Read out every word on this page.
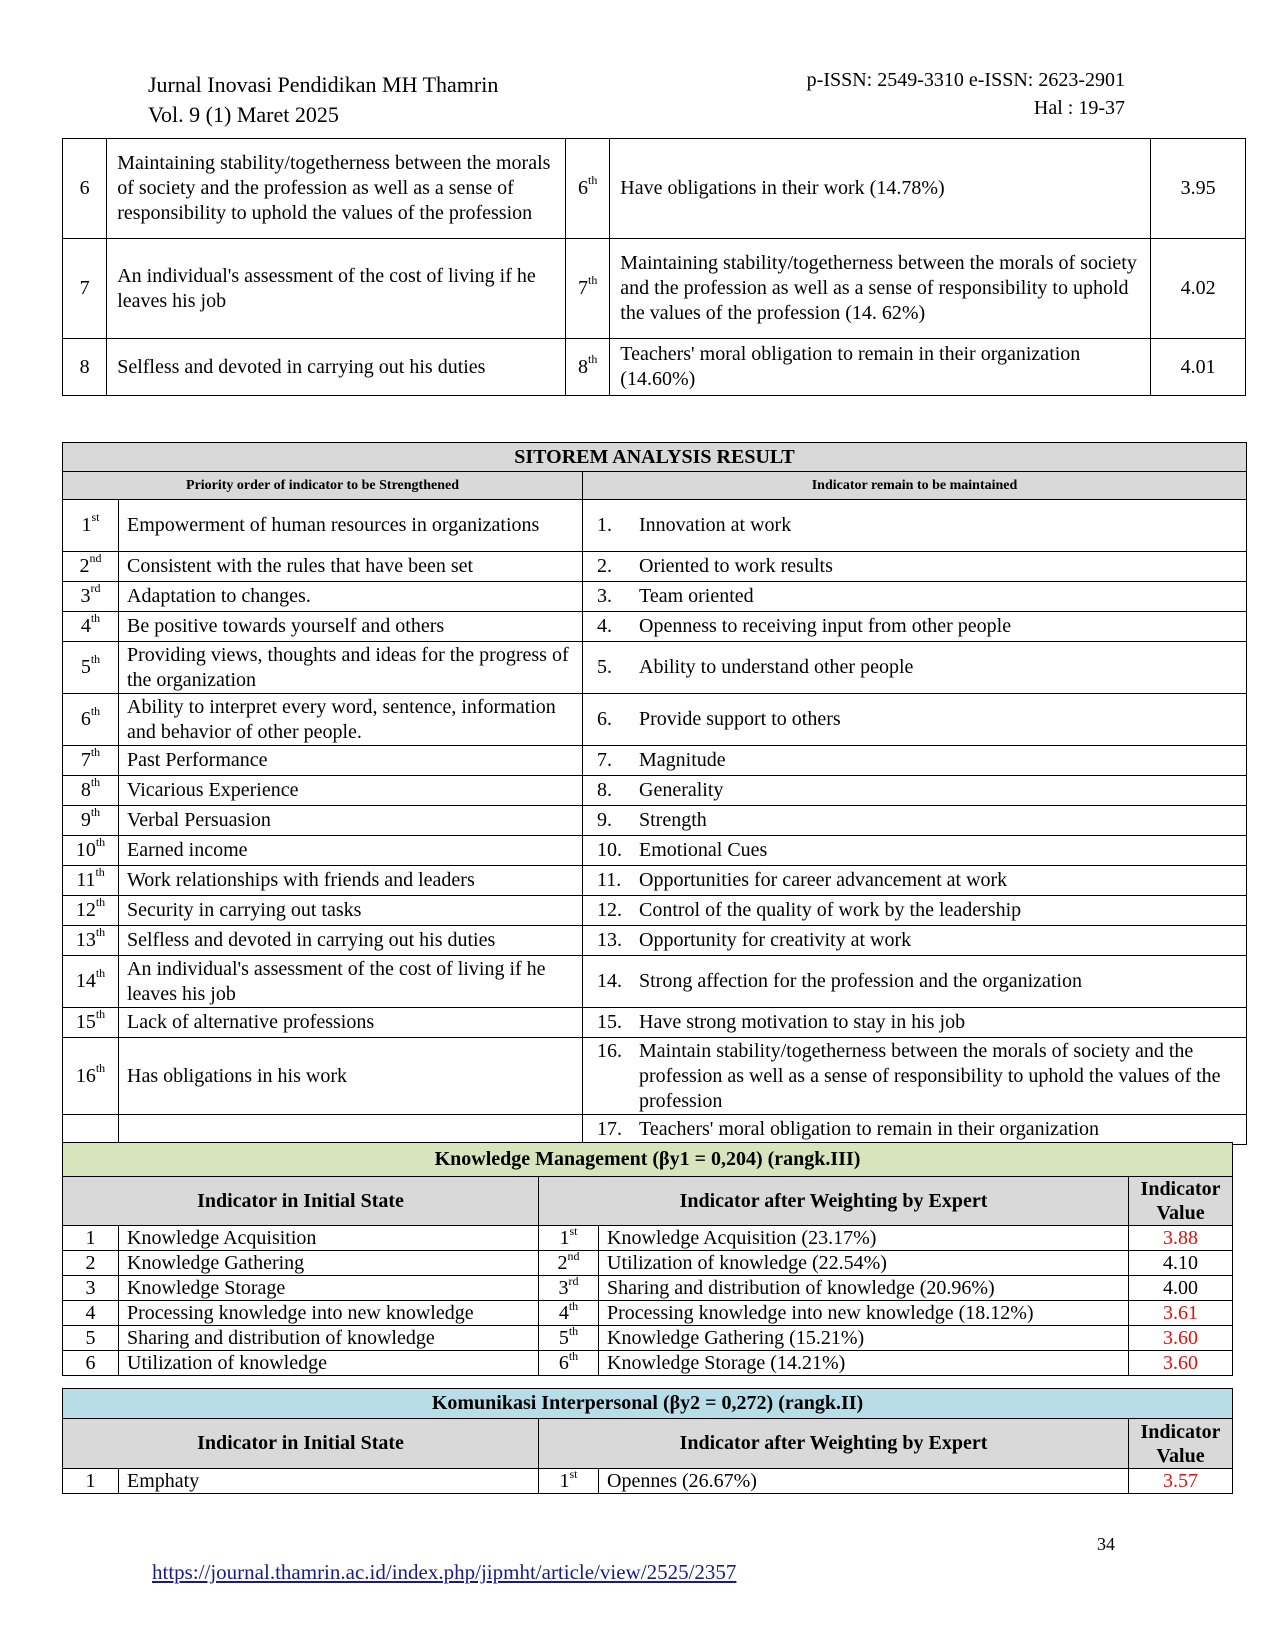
Jurnal Inovasi Pendidikan MH Thamrin
Vol. 9 (1) Maret 2025
p-ISSN: 2549-3310 e-ISSN: 2623-2901
Hal : 19-37
6	Maintaining stability/togetherness between the morals of society and the profession as well as a sense of responsibility to uphold the values of the profession	6th	Have obligations in their work (14.78%)	3.95
7	An individual's assessment of the cost of living if he leaves his job	7th	Maintaining stability/togetherness between the morals of society and the profession as well as a sense of responsibility to uphold the values of the profession (14. 62%)	4.02
8	Selfless and devoted in carrying out his duties	8th	Teachers' moral obligation to remain in their organization (14.60%)	4.01
SITOREM ANALYSIS RESULT		
Priority order of indicator to be Strengthened		Indicator remain to be maintained
1st	Empowerment of human resources in organizations	1. Innovation at work

2nd	Consistent with the rules that have been set	2. Oriented to work results

3rd	Adaptation to changes.	3. Team oriented

4th	Be positive towards yourself and others	4. Openness to receiving input from other people

5th	Providing views, thoughts and ideas for the progress of the organization	5. Ability to understand other people

6th	Ability to interpret every word, sentence, information and behavior of other people.	6. Provide support to others

7th	Past Performance	7. Magnitude

8th	Vicarious Experience	8. Generality

9th	Verbal Persuasion	9. Strength

10th	Earned income	10. Emotional Cues

11th	Work relationships with friends and leaders	11. Opportunities for career advancement at work

12th	Security in carrying out tasks	12. Control of the quality of work by the leadership

13th	Selfless and devoted in carrying out his duties	13. Opportunity for creativity at work

14th	An individual's assessment of the cost of living if he leaves his job	14. Strong affection for the profession and the organization

15th	Lack of alternative professions	15. Have strong motivation to stay in his job

16th	Has obligations in his work	16. Maintain stability/togetherness between the morals of society and the profession as well as a sense of responsibility to uphold the values of the profession

		17. Teachers' moral obligation to remain in their organization
Knowledge Management (βy1 = 0,204) (rangk.III)				
Indicator in Initial State		Indicator after Weighting by Expert		Indicator Value
1	Knowledge Acquisition	1st	Knowledge Acquisition (23.17%)	3.88
2	Knowledge Gathering	2nd	Utilization of knowledge (22.54%)	4.10
3	Knowledge Storage	3rd	Sharing and distribution of knowledge (20.96%)	4.00
4	Processing knowledge into new knowledge	4th	Processing knowledge into new knowledge (18.12%)	3.61
5	Sharing and distribution of knowledge	5th	Knowledge Gathering (15.21%)	3.60
6	Utilization of knowledge	6th	Knowledge Storage (14.21%)	3.60
Komunikasi Interpersonal (βy2 = 0,272) (rangk.II)				
Indicator in Initial State		Indicator after Weighting by Expert		Indicator Value
1	Emphaty	1st	Opennes (26.67%)	3.57
34
https://journal.thamrin.ac.id/index.php/jipmht/article/view/2525/2357
